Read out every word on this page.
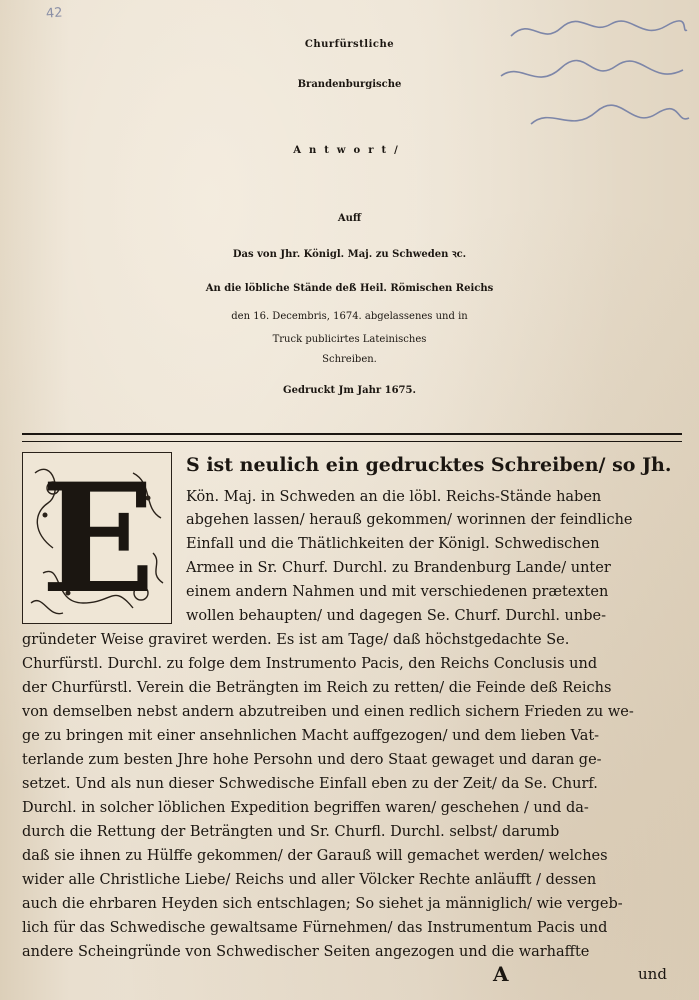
42

Churfürstliche

Brandenburgische

Antwort/

Auff

Das von Jhr. Königl. Maj. zu Schweden ꝛc.

An die löbliche Stände deß Heil. Römischen Reichs

den 16. Decembris, 1674. abgelassenes und in

Truck publicirtes Lateinisches

Schreiben.

Gedruckt Jm Jahr 1675.

E	S ist neulich ein gedrucktes Schreiben/ so Jh.
Kön. Maj. in Schweden an die löbl. Reichs-Stände haben
abgehen lassen/ herauß gekommen/ worinnen der feindliche
Einfall und die Thätlichkeiten der Königl. Schwedischen
Armee in Sr. Churf. Durchl. zu Brandenburg Lande/ unter
einem andern Nahmen und mit verschiedenen prætexten
wollen behaupten/ und dagegen Se. Churf. Durchl. unbe-
gründeter Weise graviret werden. Es ist am Tage/ daß höchstgedachte Se.
Churfürstl. Durchl. zu folge dem Instrumento Pacis, den Reichs Conclusis und
der Churfürstl. Verein die Beträngten im Reich zu retten/ die Feinde deß Reichs
von demselben nebst andern abzutreiben und einen redlich sichern Frieden zu we-
ge zu bringen mit einer ansehnlichen Macht auffgezogen/ und dem lieben Vat-
terlande zum besten Jhre hohe Persohn und dero Staat gewaget und daran ge-
setzet. Und als nun dieser Schwedische Einfall eben zu der Zeit/ da Se. Churf.
Durchl. in solcher löblichen Expedition begriffen waren/ geschehen / und da-
durch die Rettung der Beträngten und Sr. Churfl. Durchl. selbst/ darumb
daß sie ihnen zu Hülffe gekommen/ der Garauß will gemachet werden/ welches
wider alle Christliche Liebe/ Reichs und aller Völcker Rechte anläufft / dessen
auch die ehrbaren Heyden sich entschlagen; So siehet ja männiglich/ wie vergeb-
lich für das Schwedische gewaltsame Fürnehmen/ das Instrumentum Pacis und
andere Scheingründe von Schwedischer Seiten angezogen und die warhaffte
A	und
